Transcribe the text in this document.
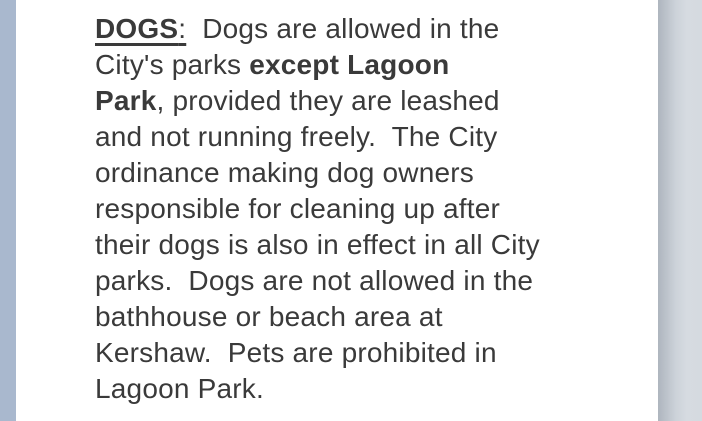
DOGS:  Dogs are allowed in the
City's parks except Lagoon
Park, provided they are leashed
and not running freely.  The City
ordinance making dog owners
responsible for cleaning up after
their dogs is also in effect in all City
parks.  Dogs are not allowed in the
bathhouse or beach area at
Kershaw.  Pets are prohibited in
Lagoon Park.
